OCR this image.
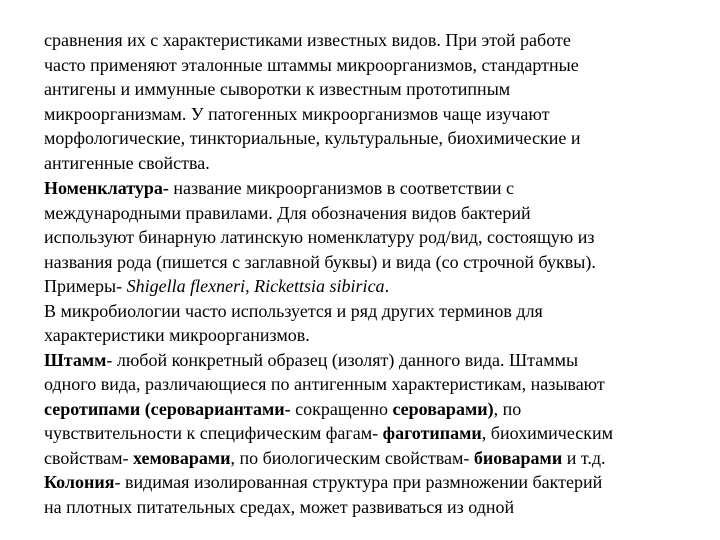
сравнения их с характеристиками известных видов. При этой работе
часто применяют эталонные штаммы микроорганизмов, стандартные
антигены и иммунные сыворотки к известным прототипным
микроорганизмам. У патогенных микроорганизмов чаще изучают
морфологические, тинкториальные, культуральные, биохимические и
антигенные свойства.

Номенклатура- название микроорганизмов в соответствии с
международными правилами. Для обозначения видов бактерий
используют бинарную латинскую номенклатуру род/вид, состоящую из
названия рода (пишется с заглавной буквы) и вида (со строчной буквы).
Примеры- Shigella flexneri, Rickettsia sibirica.
В микробиологии часто используется и ряд других терминов для
характеристики микроорганизмов.
Штамм- любой конкретный образец (изолят) данного вида. Штаммы
одного вида, различающиеся по антигенным характеристикам, называют
серотипами (серовариантами- сокращенно сероварами), по
чувствительности к специфическим фагам- фаготипами, биохимическим
свойствам- хемоварами, по биологическим свойствам- биоварами и т.д.
Колония- видимая изолированная структура при размножении бактерий
на плотных питательных средах, может развиваться из одной
